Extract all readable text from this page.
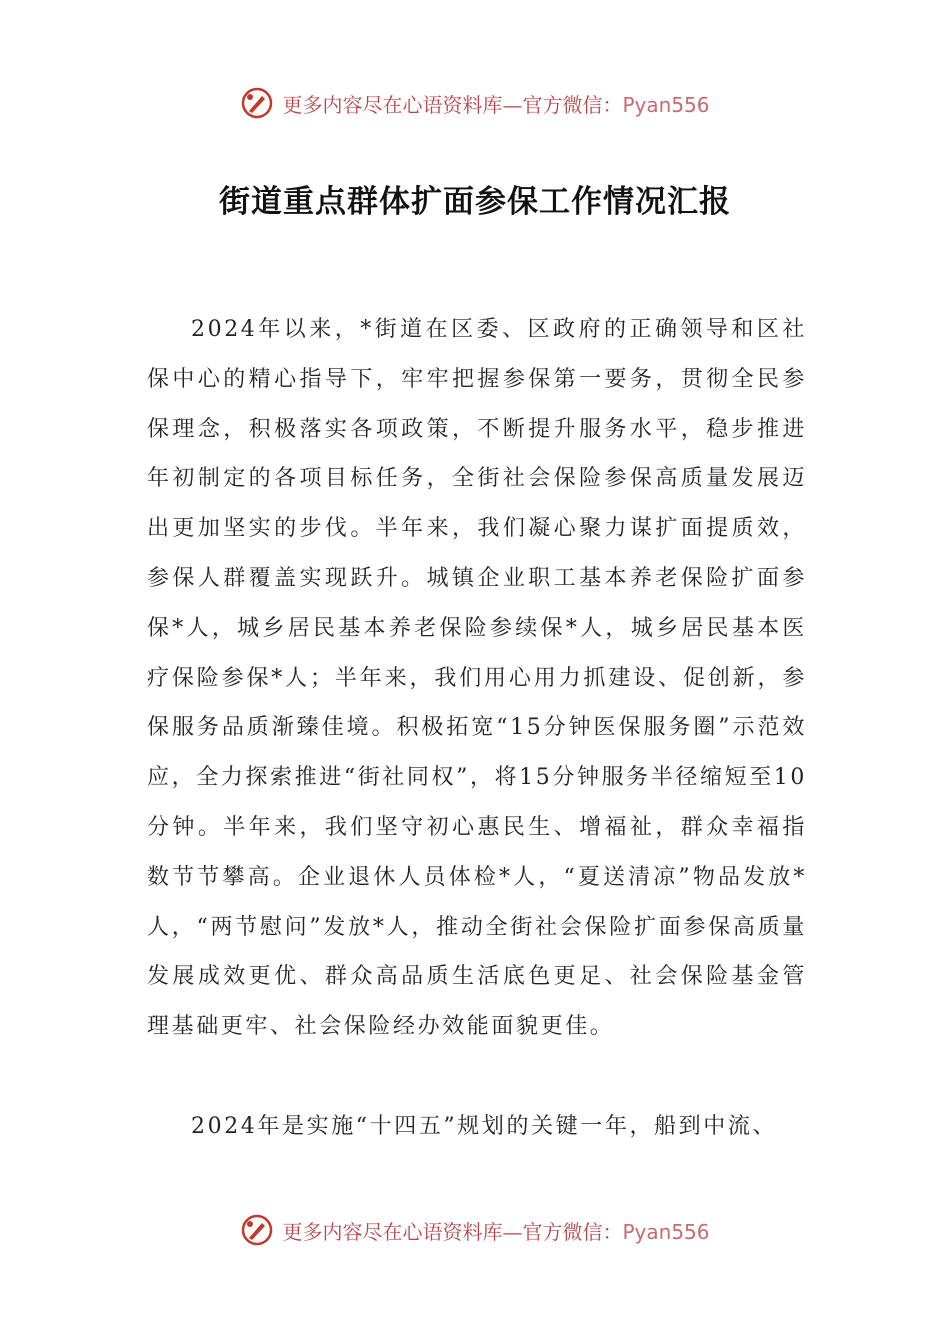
更多内容尽在心语资料库—官方微信：Pyan556
街道重点群体扩面参保工作情况汇报

2024年以来，*街道在区委、区政府的正确领导和区社保中心的精心指导下，牢牢把握参保第一要务，贯彻全民参保理念，积极落实各项政策，不断提升服务水平，稳步推进年初制定的各项目标任务，全街社会保险参保高质量发展迈出更加坚实的步伐。半年来，我们凝心聚力谋扩面提质效，参保人群覆盖实现跃升。城镇企业职工基本养老保险扩面参保*人，城乡居民基本养老保险参续保*人，城乡居民基本医疗保险参保*人；半年来，我们用心用力抓建设、促创新，参保服务品质渐臻佳境。积极拓宽“15分钟医保服务圈”示范效应，全力探索推进“街社同权”，将15分钟服务半径缩短至10分钟。半年来，我们坚守初心惠民生、增福祉，群众幸福指数节节攀高。企业退休人员体检*人，“夏送清凉”物品发放*人，“两节慰问”发放*人，推动全街社会保险扩面参保高质量发展成效更优、群众高品质生活底色更足、社会保险基金管理基础更牢、社会保险经办效能面貌更佳。

2024年是实施“十四五”规划的关键一年，船到中流、

更多内容尽在心语资料库—官方微信：Pyan556
